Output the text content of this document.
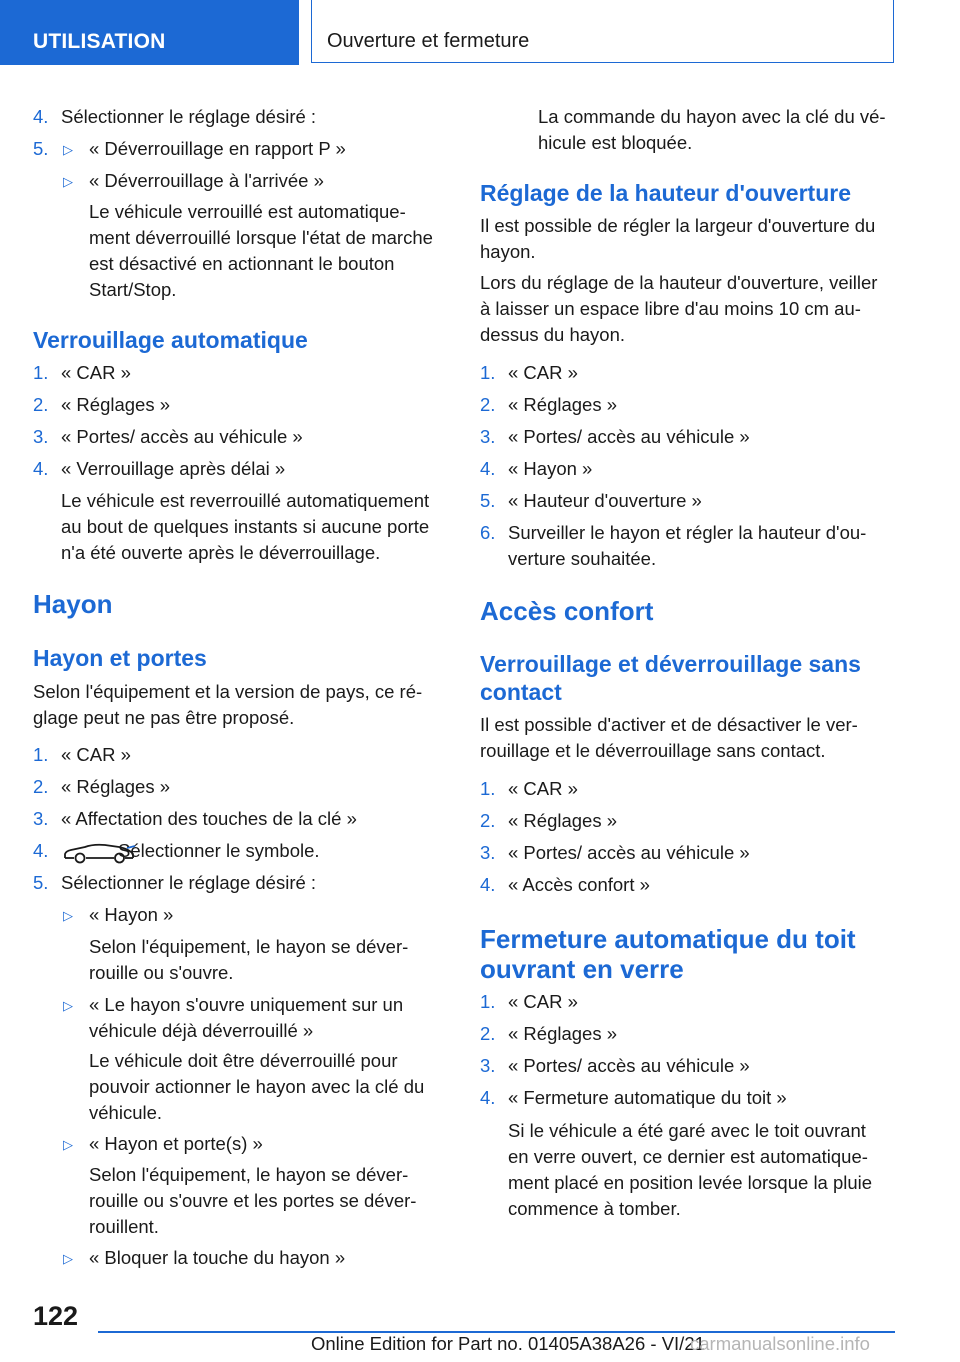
UTILISATION	Ouverture et fermeture
4. Sélectionner le réglage désiré :
5. ▷ « Déverrouillage en rapport P »
▷ « Déverrouillage à l'arrivée »
Le véhicule verrouillé est automatique-
ment déverrouillé lorsque l'état de marche
est désactivé en actionnant le bouton
Start/Stop.
Verrouillage automatique
1. « CAR »
2. « Réglages »
3. « Portes/ accès au véhicule »
4. « Verrouillage après délai »
Le véhicule est reverrouillé automatiquement
au bout de quelques instants si aucune porte
n'a été ouverte après le déverrouillage.
Hayon
Hayon et portes
Selon l'équipement et la version de pays, ce ré-
glage peut ne pas être proposé.
1. « CAR »
2. « Réglages »
3. « Affectation des touches de la clé »
4.	Sélectionner le symbole.
5. Sélectionner le réglage désiré :
▷ « Hayon »
Selon l'équipement, le hayon se déver-
rouille ou s'ouvre.
▷ « Le hayon s'ouvre uniquement sur un
véhicule déjà déverrouillé »
Le véhicule doit être déverrouillé pour
pouvoir actionner le hayon avec la clé du
véhicule.
▷ « Hayon et porte(s) »
Selon l'équipement, le hayon se déver-
rouille ou s'ouvre et les portes se déver-
rouillent.
▷ « Bloquer la touche du hayon »
La commande du hayon avec la clé du vé-
hicule est bloquée.
Réglage de la hauteur d'ouverture
Il est possible de régler la largeur d'ouverture du
hayon.
Lors du réglage de la hauteur d'ouverture, veiller
à laisser un espace libre d'au moins 10 cm au-
dessus du hayon.
1. « CAR »
2. « Réglages »
3. « Portes/ accès au véhicule »
4. « Hayon »
5. « Hauteur d'ouverture »
6. Surveiller le hayon et régler la hauteur d'ou-
verture souhaitée.
Accès confort
Verrouillage et déverrouillage sans
contact
Il est possible d'activer et de désactiver le ver-
rouillage et le déverrouillage sans contact.
1. « CAR »
2. « Réglages »
3. « Portes/ accès au véhicule »
4. « Accès confort »
Fermeture automatique du toit
ouvrant en verre
1. « CAR »
2. « Réglages »
3. « Portes/ accès au véhicule »
4. « Fermeture automatique du toit »
Si le véhicule a été garé avec le toit ouvrant
en verre ouvert, ce dernier est automatique-
ment placé en position levée lorsque la pluie
commence à tomber.
122
Online Edition for Part no. 01405A38A26 - VI/21
carmanualsonline.info
